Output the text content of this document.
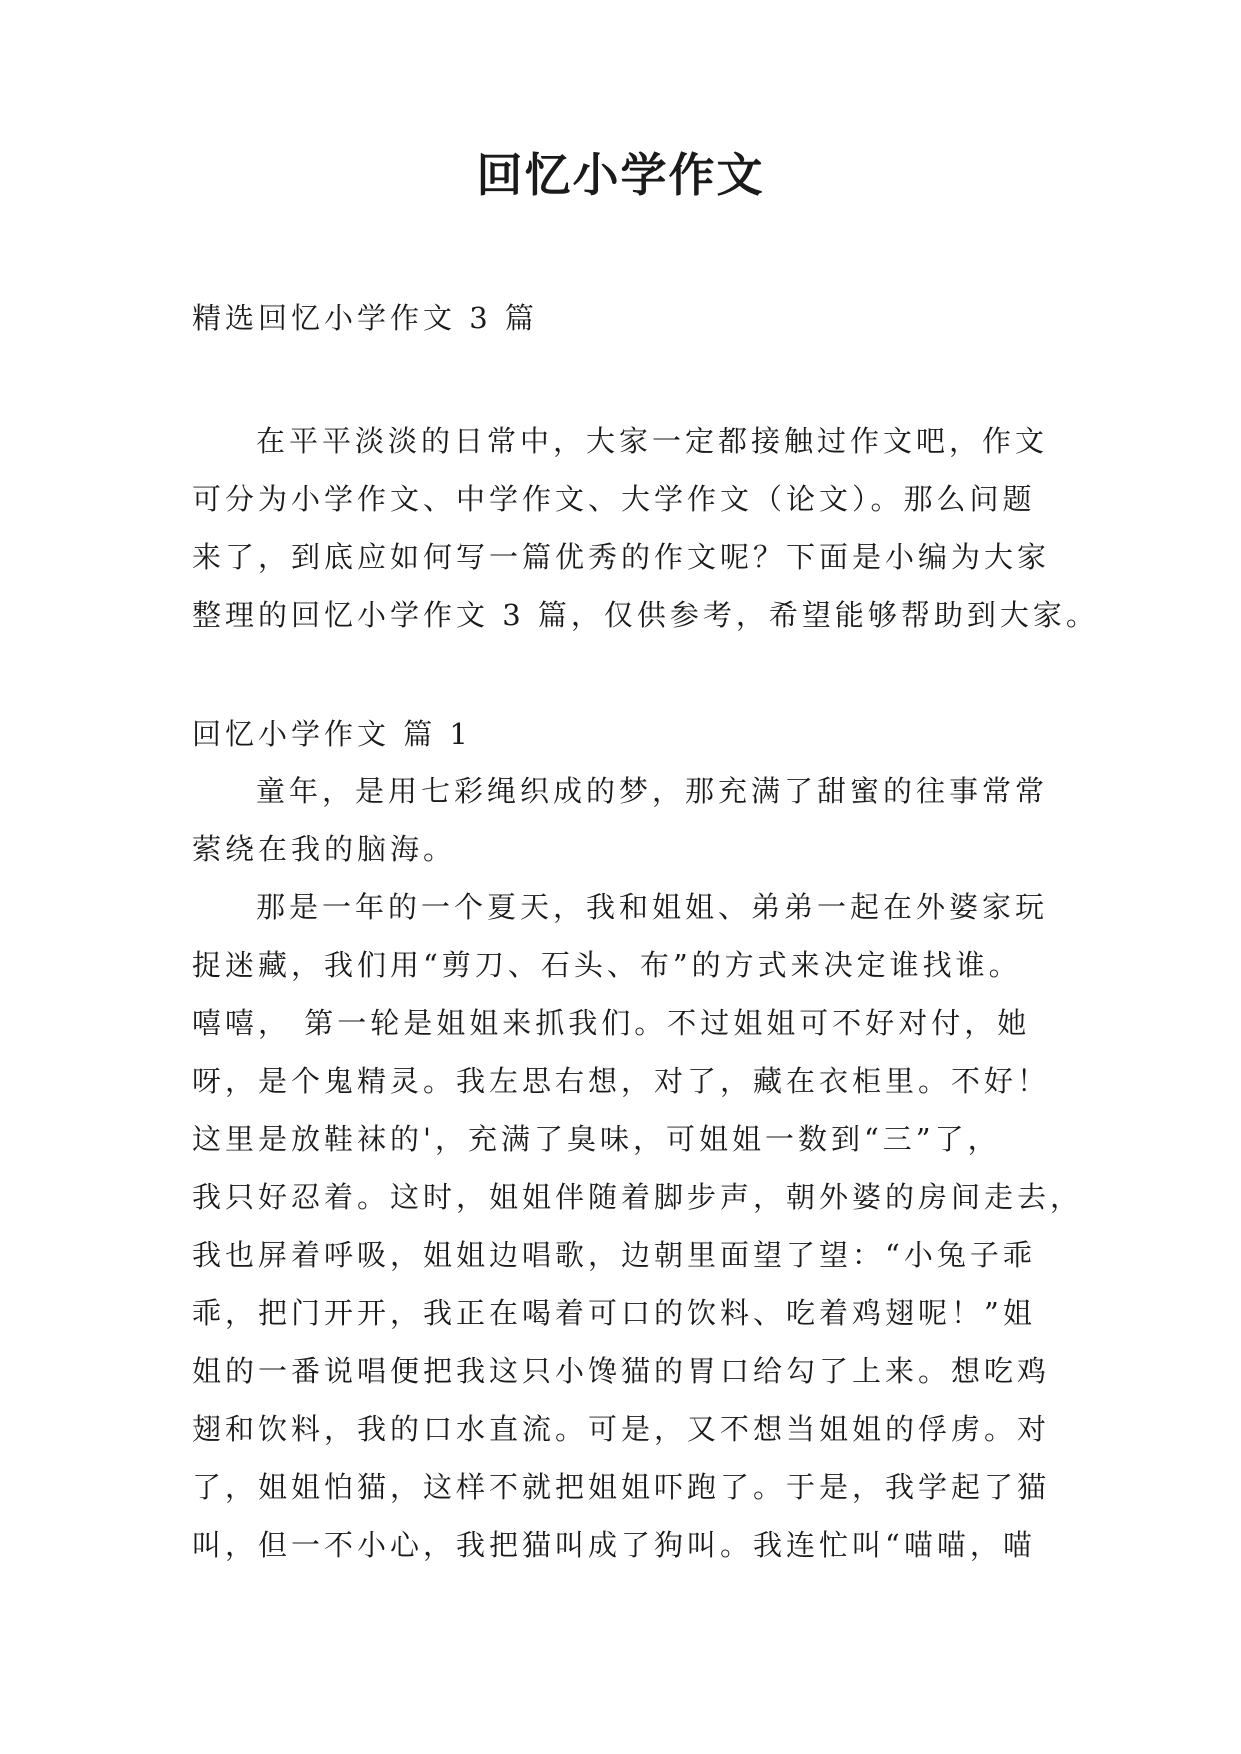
回忆小学作文

精选回忆小学作文 3 篇

在平平淡淡的日常中，大家一定都接触过作文吧，作文
可分为小学作文、中学作文、大学作文（论文）。那么问题
来了，到底应如何写一篇优秀的作文呢？下面是小编为大家
整理的回忆小学作文 3 篇，仅供参考，希望能够帮助到大家。
回忆小学作文 篇 1
童年，是用七彩绳织成的梦，那充满了甜蜜的往事常常
萦绕在我的脑海。
那是一年的一个夏天，我和姐姐、弟弟一起在外婆家玩
捉迷藏，我们用“剪刀、石头、布”的方式来决定谁找谁。
嘻嘻， 第一轮是姐姐来抓我们。不过姐姐可不好对付，她
呀，是个鬼精灵。我左思右想，对了，藏在衣柜里。不好！
这里是放鞋袜的'，充满了臭味，可姐姐一数到“三”了，
我只好忍着。这时，姐姐伴随着脚步声，朝外婆的房间走去，
我也屏着呼吸，姐姐边唱歌，边朝里面望了望：“小兔子乖
乖，把门开开，我正在喝着可口的饮料、吃着鸡翅呢！”姐
姐的一番说唱便把我这只小馋猫的胃口给勾了上来。想吃鸡
翅和饮料，我的口水直流。可是，又不想当姐姐的俘虏。对
了，姐姐怕猫，这样不就把姐姐吓跑了。于是，我学起了猫
叫，但一不小心，我把猫叫成了狗叫。我连忙叫“喵喵，喵
